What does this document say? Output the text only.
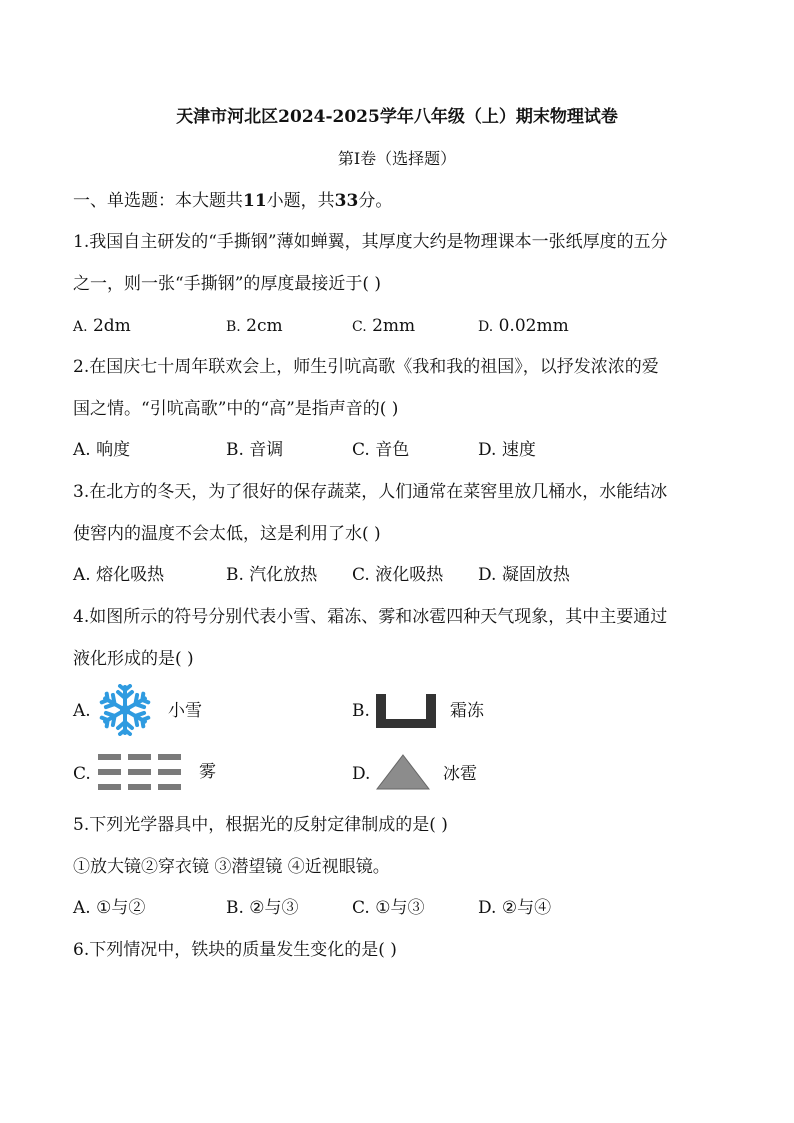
天津市河北区2024-2025学年八年级（上）期末物理试卷
第I卷（选择题）
一、单选题：本大题共11小题，共33分。
1.我国自主研发的“手撕钢”薄如蝉翼，其厚度大约是物理课本一张纸厚度的五分
之一，则一张“手撕钢”的厚度最接近于( )
A. 2dm	B. 2cm	C. 2mm	D. 0.02mm
2.在国庆七十周年联欢会上，师生引吭高歌《我和我的祖国》，以抒发浓浓的爱
国之情。“引吭高歌”中的“高”是指声音的( )
A. 响度	B. 音调	C. 音色	D. 速度
3.在北方的冬天，为了很好的保存蔬菜，人们通常在菜窖里放几桶水，水能结冰
使窖内的温度不会太低，这是利用了水( )
A. 熔化吸热	B. 汽化放热 C. 液化吸热 D. 凝固放热
4.如图所示的符号分别代表小雪、霜冻、雾和冰雹四种天气现象，其中主要通过
液化形成的是( )
A.	小雪	B.	霜冻
C.	雾	D.	冰雹
5.下列光学器具中，根据光的反射定律制成的是( )
①放大镜②穿衣镜 ③潜望镜 ④近视眼镜。
A. ①与②	B. ②与③	C. ①与③	D. ②与④
6.下列情况中，铁块的质量发生变化的是( )
